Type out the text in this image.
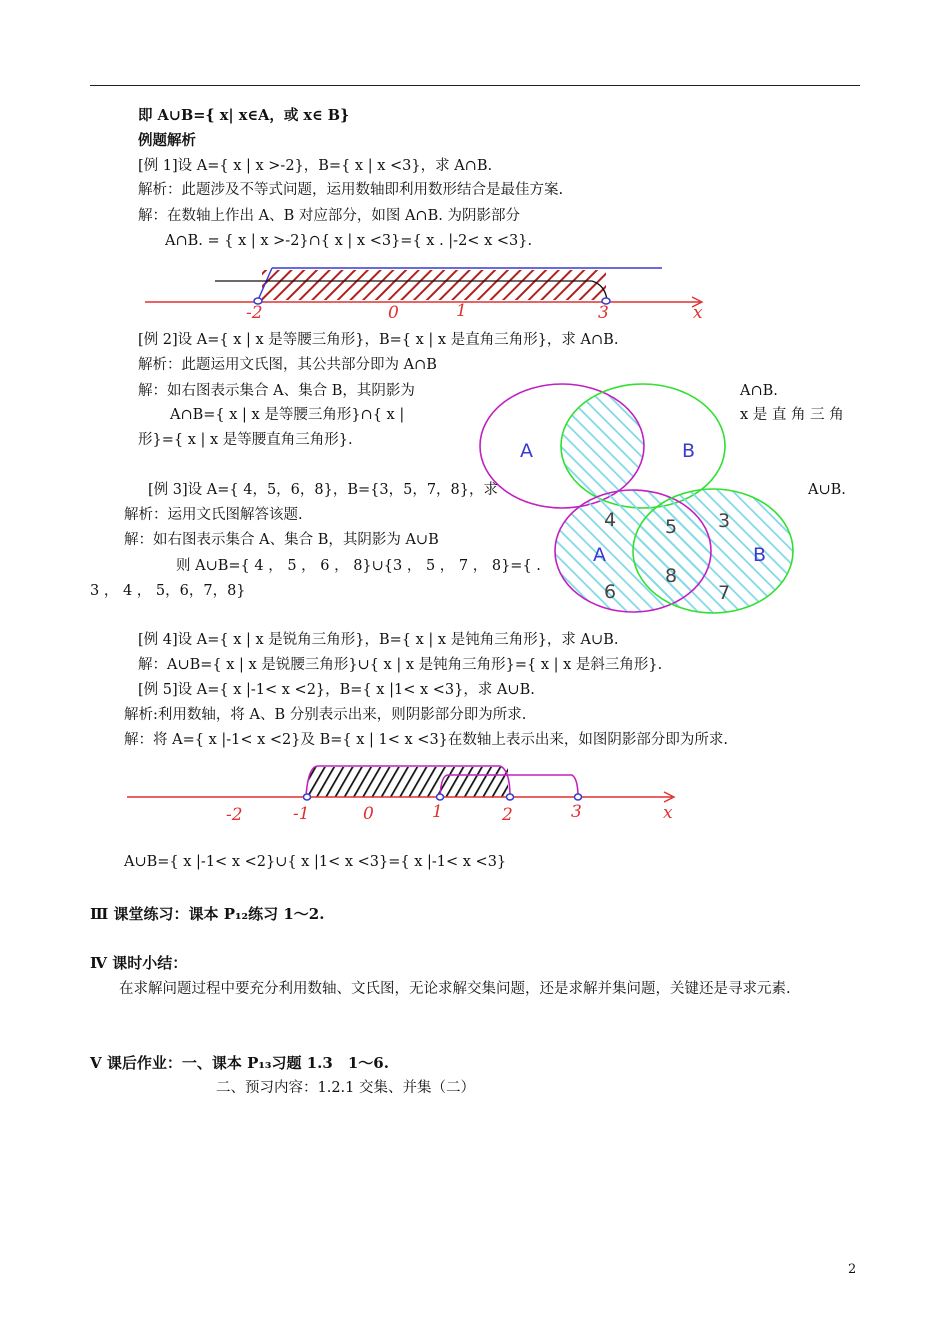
即 A∪B={ x| x∈A，或 x∈ B}
例题解析
[例 1]设 A={ x | x >-2}，B={ x | x <3}，求 A∩B.
解析：此题涉及不等式问题，运用数轴即利用数形结合是最佳方案.
解：在数轴上作出 A、B 对应部分，如图 A∩B. 为阴影部分
A∩B. = { x | x >-2}∩{ x | x <3}={ x . |-2< x <3}.
-2	0	1	3	x
[例 2]设 A={ x | x 是等腰三角形}，B={ x | x 是直角三角形}，求 A∩B.
解析：此题运用文氏图，其公共部分即为 A∩B
解：如右图表示集合 A、集合 B，其阴影为	A∩B.
A∩B={ x | x 是等腰三角形}∩{ x |	x 是 直 角 三 角
形}={ x | x 是等腰直角三角形}.	A	B
[例 3]设 A={ 4，5，6，8}，B={3，5，7，8}，求	A∪B.
解析：运用文氏图解答该题.
解：如右图表示集合 A、集合 B，其阴影为 A∪B
则 A∪B={ 4 ， 5 ， 6 ， 8}∪{3 ， 5 ， 7 ， 8}={ .
3 ， 4 ， 5，6，7，8}
4	5 3
A	B
6
8
7
[例 4]设 A={ x | x 是锐角三角形}，B={ x | x 是钝角三角形}，求 A∪B.
解：A∪B={ x | x 是锐腰三角形}∪{ x | x 是钝角三角形}={ x | x 是斜三角形}.
[例 5]设 A={ x |-1< x <2}，B={ x |1< x <3}，求 A∪B.
解析:利用数轴，将 A、B 分别表示出来，则阴影部分即为所求.
解：将 A={ x |-1< x <2}及 B={ x | 1< x <3}在数轴上表示出来，如图阴影部分即为所求.
-2	-1	0	1	2	3	x
A∪B={ x |-1< x <2}∪{ x |1< x <3}={ x |-1< x <3}
Ⅲ 课堂练习：课本 P₁₂练习 1～2.
Ⅳ 课时小结：
在求解问题过程中要充分利用数轴、文氏图，无论求解交集问题，还是求解并集问题，关键还是寻求元素.
Ⅴ 课后作业：一、课本 P₁₃习题 1.3　1～6.
二、预习内容：1.2.1 交集、并集（二）
2
